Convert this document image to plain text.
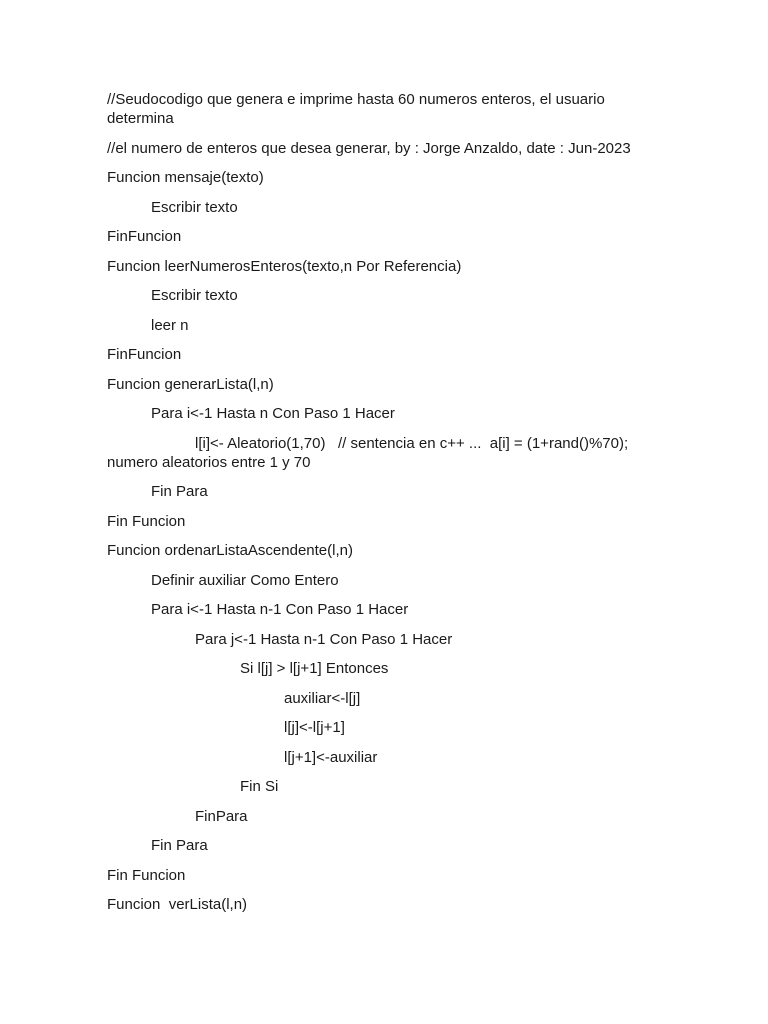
//Seudocodigo que genera e imprime hasta 60 numeros enteros, el usuario determina

//el numero de enteros que desea generar, by : Jorge Anzaldo, date : Jun-2023

Funcion mensaje(texto)

Escribir texto

FinFuncion

Funcion leerNumerosEnteros(texto,n Por Referencia)

Escribir texto

leer n

FinFuncion

Funcion generarLista(l,n)

Para i<-1 Hasta n Con Paso 1 Hacer

l[i]<- Aleatorio(1,70)   // sentencia en c++ ...  a[i] = (1+rand()%70); numero aleatorios entre 1 y 70

Fin Para

Fin Funcion

Funcion ordenarListaAscendente(l,n)

Definir auxiliar Como Entero

Para i<-1 Hasta n-1 Con Paso 1 Hacer

Para j<-1 Hasta n-1 Con Paso 1 Hacer

Si l[j] > l[j+1] Entonces

auxiliar<-l[j]

l[j]<-l[j+1]

l[j+1]<-auxiliar

Fin Si

FinPara

Fin Para

Fin Funcion

Funcion  verLista(l,n)
